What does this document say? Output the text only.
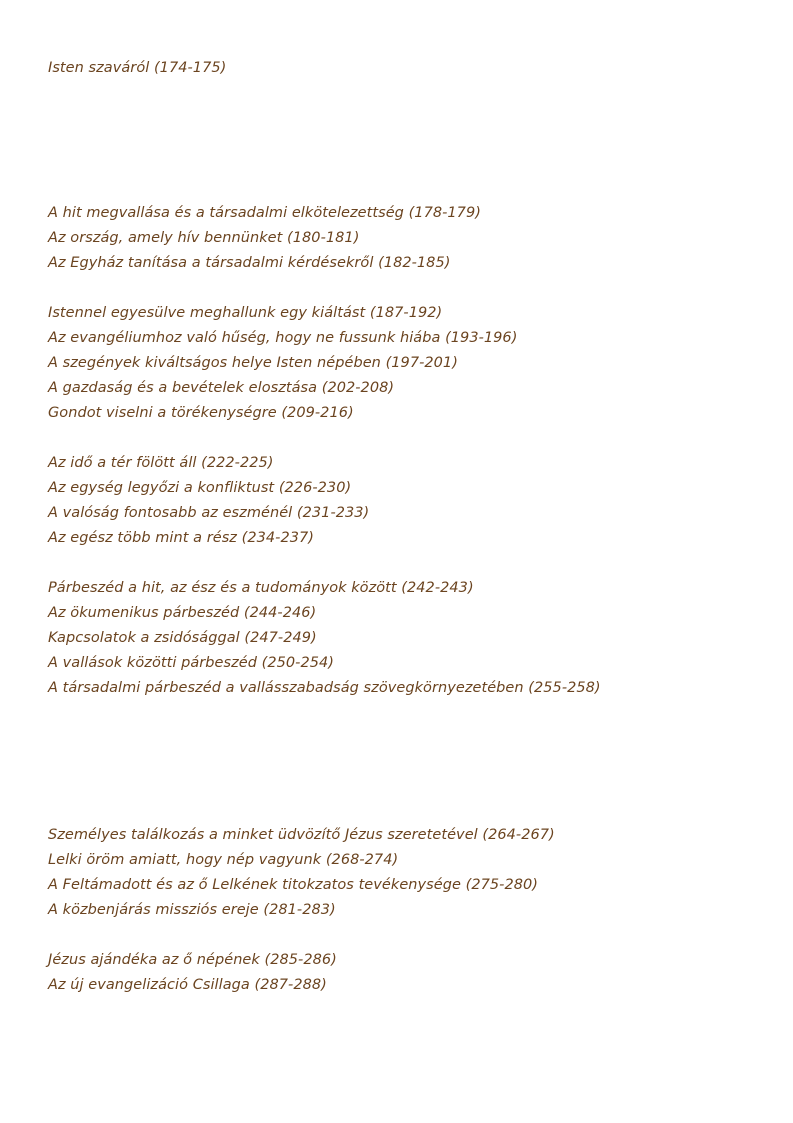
Isten szaváról (174-175)
A hit megvallása és a társadalmi elkötelezettség (178-179)
Az ország, amely hív bennünket (180-181)
Az Egyház tanítása a társadalmi kérdésekről (182-185)
Istennel egyesülve meghallunk egy kiáltást (187-192)
Az evangéliumhoz való hűség, hogy ne fussunk hiába (193-196)
A szegények kiváltságos helye Isten népében (197-201)
A gazdaság és a bevételek elosztása (202-208)
Gondot viselni a törékenységre (209-216)
Az idő a tér fölött áll (222-225)
Az egység legyőzi a konfliktust (226-230)
A valóság fontosabb az eszménél (231-233)
Az egész több mint a rész (234-237)
Párbeszéd a hit, az ész és a tudományok között (242-243)
Az ökumenikus párbeszéd (244-246)
Kapcsolatok a zsidósággal (247-249)
A vallások közötti párbeszéd (250-254)
A társadalmi párbeszéd a vallásszabadság szövegkörnyezetében (255-258)
Személyes találkozás a minket üdvözítő Jézus szeretetével (264-267)
Lelki öröm amiatt, hogy nép vagyunk (268-274)
A Feltámadott és az ő Lelkének titokzatos tevékenysége (275-280)
A közbenjárás missziós ereje (281-283)
Jézus ajándéka az ő népének (285-286)
Az új evangelizáció Csillaga (287-288)
